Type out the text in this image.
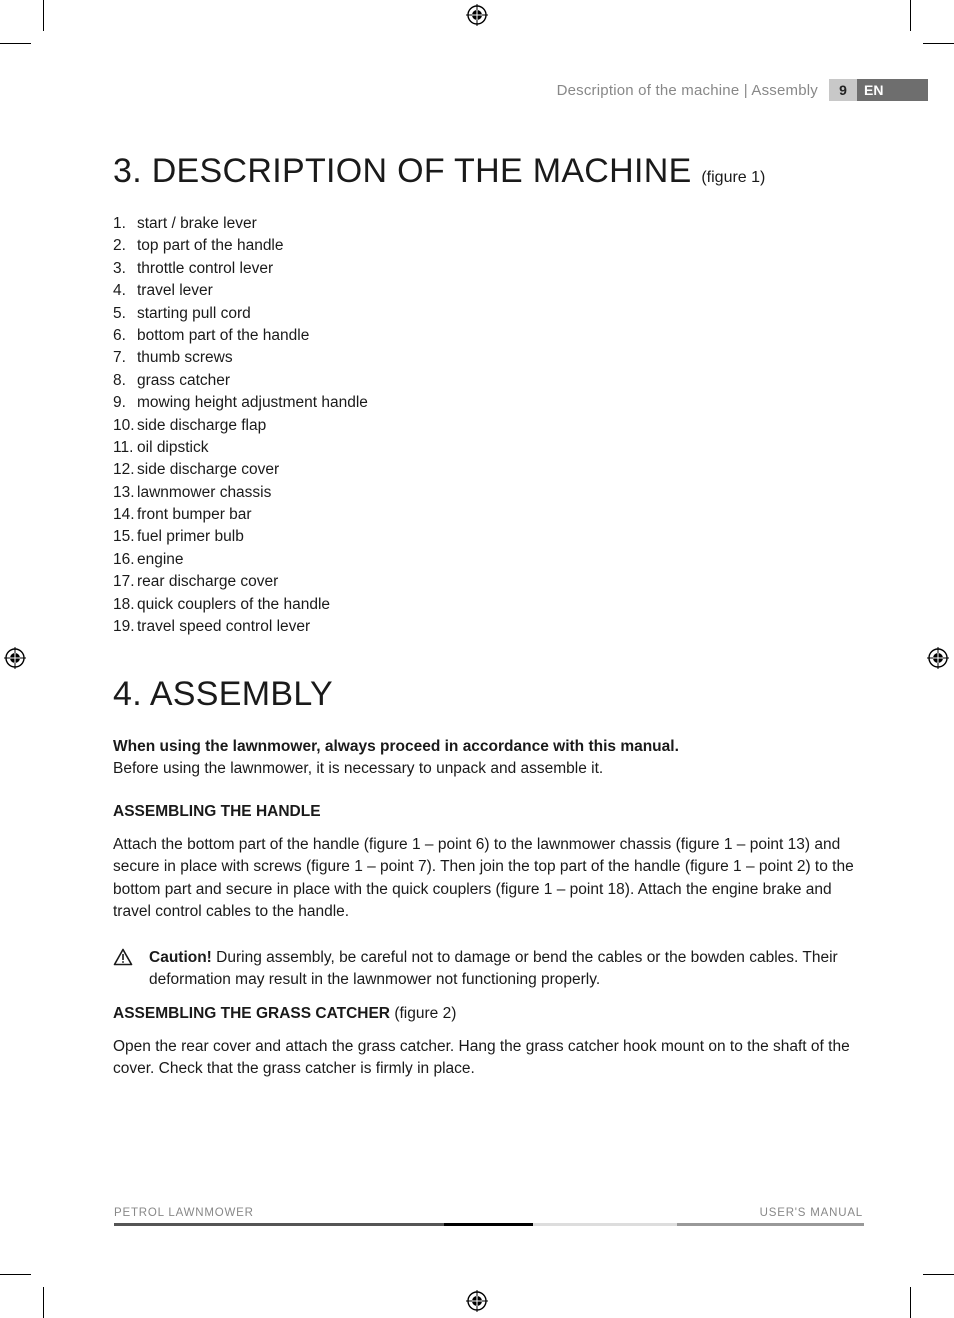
Description of the machine | Assembly	9	EN
3. DESCRIPTION OF THE MACHINE (figure 1)
1. start / brake lever
2. top part of the handle
3. throttle control lever
4. travel lever
5. starting pull cord
6. bottom part of the handle
7. thumb screws
8. grass catcher
9. mowing height adjustment handle
10. side discharge flap
11. oil dipstick
12. side discharge cover
13. lawnmower chassis
14. front bumper bar
15. fuel primer bulb
16. engine
17. rear discharge cover
18. quick couplers of the handle
19. travel speed control lever
4. ASSEMBLY
When using the lawnmower, always proceed in accordance with this manual.
Before using the lawnmower, it is necessary to unpack and assemble it.
ASSEMBLING THE HANDLE
Attach the bottom part of the handle (figure 1 – point 6) to the lawnmower chassis (figure 1 – point 13) and secure in place with screws (figure 1 – point 7). Then join the top part of the handle (figure 1 – point 2) to the bottom part and secure in place with the quick couplers (figure 1 – point 18). Attach the engine brake and travel control cables to the handle.
Caution! During assembly, be careful not to damage or bend the cables or the bowden cables. Their deformation may result in the lawnmower not functioning properly.
ASSEMBLING THE GRASS CATCHER (figure 2)
Open the rear cover and attach the grass catcher. Hang the grass catcher hook mount on to the shaft of the cover. Check that the grass catcher is firmly in place.
PETROL LAWNMOWER	USER'S MANUAL
